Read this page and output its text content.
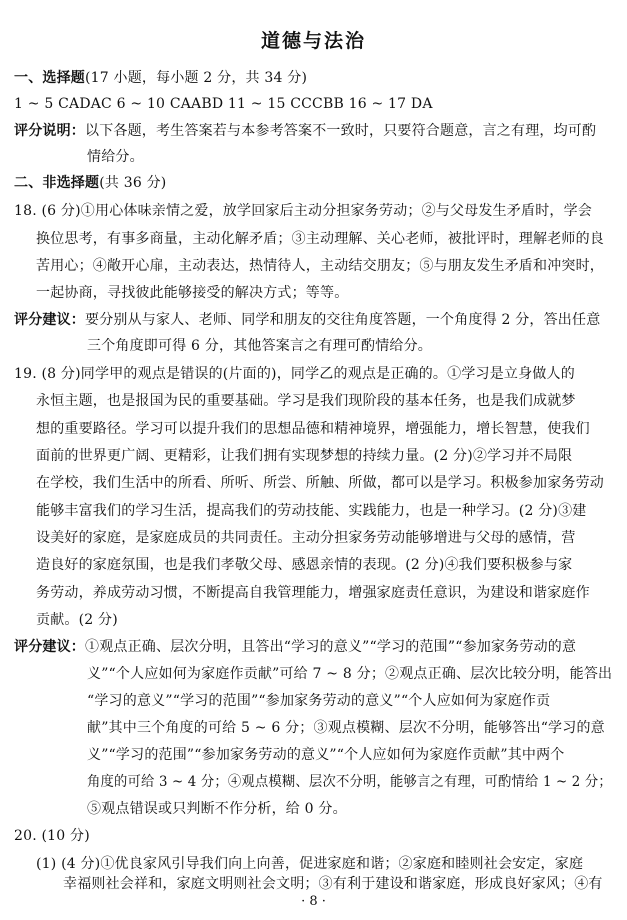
道德与法治
一、选择题(17 小题，每小题 2 分，共 34 分)
1 ~ 5 CADAC 6 ~ 10 CAABD 11 ~ 15 CCCBB 16 ~ 17 DA
评分说明：以下各题，考生答案若与本参考答案不一致时，只要符合题意，言之有理，均可酌
情给分。
二、非选择题(共 36 分)
18. (6 分)①用心体味亲情之爱，放学回家后主动分担家务劳动；②与父母发生矛盾时，学会
换位思考，有事多商量，主动化解矛盾；③主动理解、关心老师，被批评时，理解老师的良
苦用心；④敞开心扉，主动表达，热情待人，主动结交朋友；⑤与朋友发生矛盾和冲突时，
一起协商，寻找彼此能够接受的解决方式；等等。
评分建议：要分别从与家人、老师、同学和朋友的交往角度答题，一个角度得 2 分，答出任意
三个角度即可得 6 分，其他答案言之有理可酌情给分。
19. (8 分)同学甲的观点是错误的(片面的)，同学乙的观点是正确的。①学习是立身做人的
永恒主题，也是报国为民的重要基础。学习是我们现阶段的基本任务，也是我们成就梦
想的重要路径。学习可以提升我们的思想品德和精神境界，增强能力，增长智慧，使我们
面前的世界更广阔、更精彩，让我们拥有实现梦想的持续力量。(2 分)②学习并不局限
在学校，我们生活中的所看、所听、所尝、所触、所做，都可以是学习。积极参加家务劳动
能够丰富我们的学习生活，提高我们的劳动技能、实践能力，也是一种学习。(2 分)③建
设美好的家庭，是家庭成员的共同责任。主动分担家务劳动能够增进与父母的感情，营
造良好的家庭氛围，也是我们孝敬父母、感恩亲情的表现。(2 分)④我们要积极参与家
务劳动，养成劳动习惯，不断提高自我管理能力，增强家庭责任意识，为建设和谐家庭作
贡献。(2 分)
评分建议：①观点正确、层次分明，且答出“学习的意义”“学习的范围”“参加家务劳动的意
义”“个人应如何为家庭作贡献”可给 7 ~ 8 分；②观点正确、层次比较分明，能答出
“学习的意义”“学习的范围”“参加家务劳动的意义”“个人应如何为家庭作贡
献”其中三个角度的可给 5 ~ 6 分；③观点模糊、层次不分明，能够答出“学习的意
义”“学习的范围”“参加家务劳动的意义”“个人应如何为家庭作贡献”其中两个
角度的可给 3 ~ 4 分；④观点模糊、层次不分明，能够言之有理，可酌情给 1 ~ 2 分；
⑤观点错误或只判断不作分析，给 0 分。
20. (10 分)
(1) (4 分)①优良家风引导我们向上向善，促进家庭和谐；②家庭和睦则社会安定，家庭
幸福则社会祥和，家庭文明则社会文明；③有利于建设和谐家庭，形成良好家风；④有
· 8 ·
